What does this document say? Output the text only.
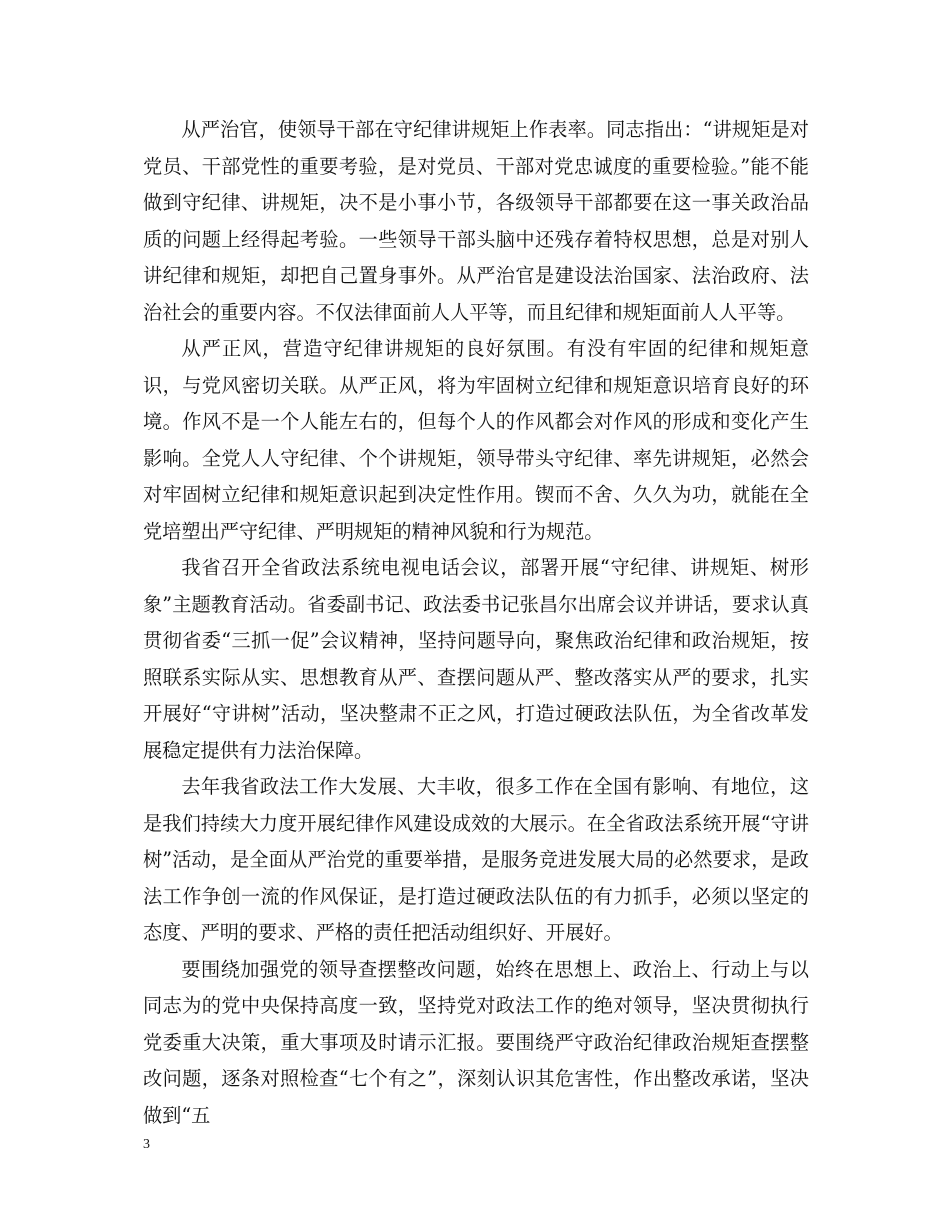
从严治官，使领导干部在守纪律讲规矩上作表率。同志指出：“讲规矩是对党员、干部党性的重要考验，是对党员、干部对党忠诚度的重要检验。”能不能做到守纪律、讲规矩，决不是小事小节，各级领导干部都要在这一事关政治品质的问题上经得起考验。一些领导干部头脑中还残存着特权思想，总是对别人讲纪律和规矩，却把自己置身事外。从严治官是建设法治国家、法治政府、法治社会的重要内容。不仅法律面前人人平等，而且纪律和规矩面前人人平等。

从严正风，营造守纪律讲规矩的良好氛围。有没有牢固的纪律和规矩意识，与党风密切关联。从严正风，将为牢固树立纪律和规矩意识培育良好的环境。作风不是一个人能左右的，但每个人的作风都会对作风的形成和变化产生影响。全党人人守纪律、个个讲规矩，领导带头守纪律、率先讲规矩，必然会对牢固树立纪律和规矩意识起到决定性作用。锲而不舍、久久为功，就能在全党培塑出严守纪律、严明规矩的精神风貌和行为规范。

我省召开全省政法系统电视电话会议，部署开展“守纪律、讲规矩、树形象”主题教育活动。省委副书记、政法委书记张昌尔出席会议并讲话，要求认真贯彻省委“三抓一促”会议精神，坚持问题导向，聚焦政治纪律和政治规矩，按照联系实际从实、思想教育从严、查摆问题从严、整改落实从严的要求，扎实开展好“守讲树”活动，坚决整肃不正之风，打造过硬政法队伍，为全省改革发展稳定提供有力法治保障。

去年我省政法工作大发展、大丰收，很多工作在全国有影响、有地位，这是我们持续大力度开展纪律作风建设成效的大展示。在全省政法系统开展“守讲树”活动，是全面从严治党的重要举措，是服务竞进发展大局的必然要求，是政法工作争创一流的作风保证，是打造过硬政法队伍的有力抓手，必须以坚定的态度、严明的要求、严格的责任把活动组织好、开展好。

要围绕加强党的领导查摆整改问题，始终在思想上、政治上、行动上与以同志为的党中央保持高度一致，坚持党对政法工作的绝对领导，坚决贯彻执行党委重大决策，重大事项及时请示汇报。要围绕严守政治纪律政治规矩查摆整改问题，逐条对照检查“七个有之”，深刻认识其危害性，作出整改承诺，坚决做到“五

3
